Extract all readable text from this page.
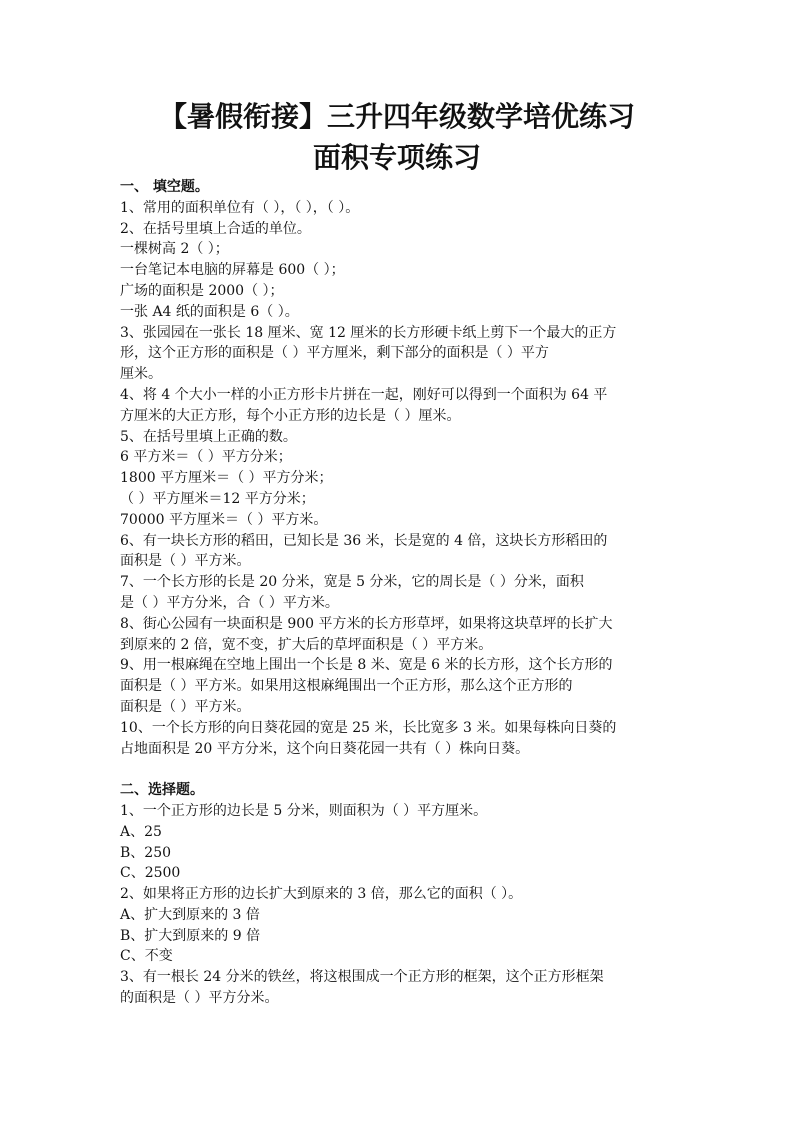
【暑假衔接】三升四年级数学培优练习
面积专项练习
一、 填空题。
1、常用的面积单位有（ ），（ ），（ ）。
2、在括号里填上合适的单位。
一棵树高 2（ ）；
一台笔记本电脑的屏幕是 600（ ）；
广场的面积是 2000（ ）；
一张 A4 纸的面积是 6（ ）。
3、张园园在一张长 18 厘米、宽 12 厘米的长方形硬卡纸上剪下一个最大的正方
形，这个正方形的面积是（ ）平方厘米，剩下部分的面积是（ ）平方
厘米。
4、将 4 个大小一样的小正方形卡片拼在一起，刚好可以得到一个面积为 64 平
方厘米的大正方形，每个小正方形的边长是（ ）厘米。
5、在括号里填上正确的数。
6 平方米＝（ ）平方分米；
1800 平方厘米＝（ ）平方分米；
（ ）平方厘米＝12 平方分米；
70000 平方厘米＝（ ）平方米。
6、有一块长方形的稻田，已知长是 36 米，长是宽的 4 倍，这块长方形稻田的
面积是（ ）平方米。
7、一个长方形的长是 20 分米，宽是 5 分米，它的周长是（ ）分米，面积
是（ ）平方分米，合（ ）平方米。
8、街心公园有一块面积是 900 平方米的长方形草坪，如果将这块草坪的长扩大
到原来的 2 倍，宽不变，扩大后的草坪面积是（ ）平方米。
9、用一根麻绳在空地上围出一个长是 8 米、宽是 6 米的长方形，这个长方形的
面积是（ ）平方米。如果用这根麻绳围出一个正方形，那么这个正方形的
面积是（ ）平方米。
10、一个长方形的向日葵花园的宽是 25 米，长比宽多 3 米。如果每株向日葵的
占地面积是 20 平方分米，这个向日葵花园一共有（ ）株向日葵。
二、选择题。
1、一个正方形的边长是 5 分米，则面积为（ ）平方厘米。
A、25
B、250
C、2500
2、如果将正方形的边长扩大到原来的 3 倍，那么它的面积（ ）。
A、扩大到原来的 3 倍
B、扩大到原来的 9 倍
C、不变
3、有一根长 24 分米的铁丝，将这根围成一个正方形的框架，这个正方形框架
的面积是（ ）平方分米。
